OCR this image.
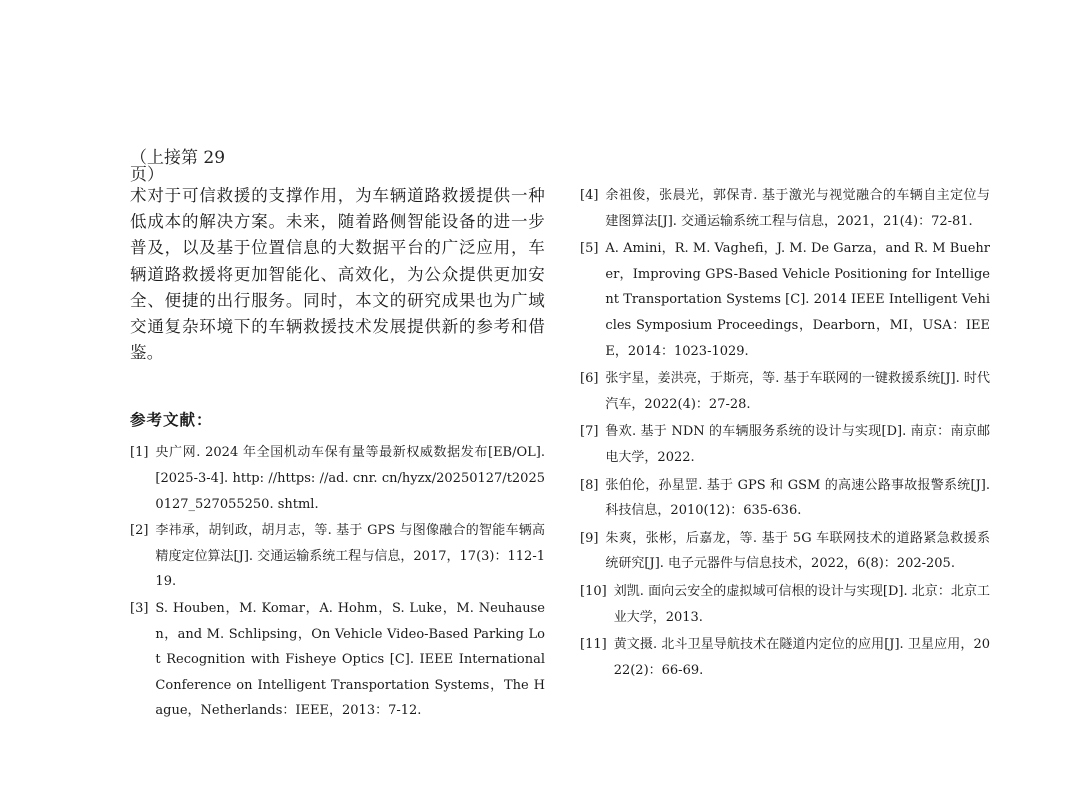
（上接第 29 页）

术对于可信救援的支撑作用，为车辆道路救援提供一种低成本的解决方案。未来，随着路侧智能设备的进一步普及，以及基于位置信息的大数据平台的广泛应用，车辆道路救援将更加智能化、高效化，为公众提供更加安全、便捷的出行服务。同时，本文的研究成果也为广域交通复杂环境下的车辆救援技术发展提供新的参考和借鉴。

参考文献：
[1] 央广网. 2024 年全国机动车保有量等最新权威数据发布[EB/OL]. [2025-3-4]. http: //https: //ad. cnr. cn/hyzx/20250127/t20250127_527055250. shtml.
[2] 李祎承，胡钊政，胡月志，等. 基于 GPS 与图像融合的智能车辆高精度定位算法[J]. 交通运输系统工程与信息，2017，17(3)：112-119.
[3] S. Houben，M. Komar，A. Hohm，S. Luke，M. Neuhausen，and M. Schlipsing，On Vehicle Video-Based Parking Lot Recognition with Fisheye Optics [C]. IEEE International Conference on Intelligent Transportation Systems，The Hague，Netherlands：IEEE，2013：7-12.
[4] 余祖俊，张晨光，郭保青. 基于激光与视觉融合的车辆自主定位与建图算法[J]. 交通运输系统工程与信息，2021，21(4)：72-81.
[5] A. Amini，R. M. Vaghefi，J. M. De Garza，and R. M Buehrer，Improving GPS-Based Vehicle Positioning for Intelligent Transportation Systems [C]. 2014 IEEE Intelligent Vehicles Symposium Proceedings，Dearborn，MI，USA：IEEE，2014：1023-1029.
[6] 张宇星，姜洪亮，于斯亮，等. 基于车联网的一键救援系统[J]. 时代汽车，2022(4)：27-28.
[7] 鲁欢. 基于 NDN 的车辆服务系统的设计与实现[D]. 南京：南京邮电大学，2022.
[8] 张伯伦，孙星罡. 基于 GPS 和 GSM 的高速公路事故报警系统[J]. 科技信息，2010(12)：635-636.
[9] 朱爽，张彬，后嘉龙，等. 基于 5G 车联网技术的道路紧急救援系统研究[J]. 电子元器件与信息技术，2022，6(8)：202-205.
[10] 刘凯. 面向云安全的虚拟域可信根的设计与实现[D]. 北京：北京工业大学，2013.
[11] 黄文摄. 北斗卫星导航技术在隧道内定位的应用[J]. 卫星应用，2022(2)：66-69.
